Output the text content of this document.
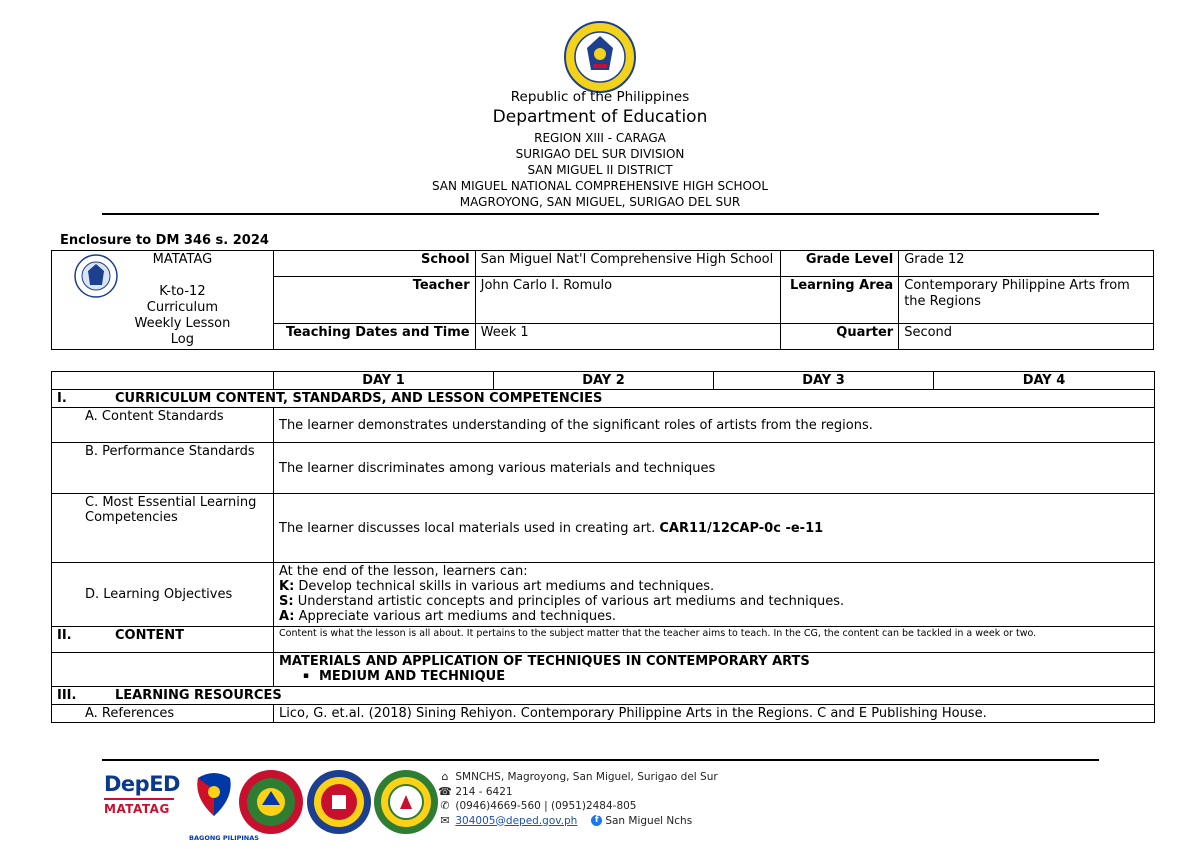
Republic of the Philippines
Department of Education
REGION XIII - CARAGA
SURIGAO DEL SUR DIVISION
SAN MIGUEL II DISTRICT
SAN MIGUEL NATIONAL COMPREHENSIVE HIGH SCHOOL
MAGROYONG, SAN MIGUEL, SURIGAO DEL SUR
Enclosure to DM 346 s. 2024
MATATAG
K-to-12
Curriculum
Weekly Lesson
Log	School	San Miguel Nat'l Comprehensive High School	Grade Level	Grade 12
	Teacher	John Carlo I. Romulo	Learning Area	Contemporary Philippine Arts from the Regions
	Teaching Dates and Time	Week 1	Quarter	Second
	DAY 1	DAY 2	DAY 3	DAY 4
I. CURRICULUM CONTENT, STANDARDS, AND LESSON COMPETENCIES				
A. Content Standards	The learner demonstrates understanding of the significant roles of artists from the regions.			
B. Performance Standards	The learner discriminates among various materials and techniques			
C. Most Essential Learning Competencies	The learner discusses local materials used in creating art. CAR11/12CAP-0c -e-11			
D. Learning Objectives	At the end of the lesson, learners can:
K: Develop technical skills in various art mediums and techniques.
S: Understand artistic concepts and principles of various art mediums and techniques.
A: Appreciate various art mediums and techniques.			

II. CONTENT	Content is what the lesson is all about. It pertains to the subject matter that the teacher aims to teach. In the CG, the content can be tackled in a week or two.			

	MATERIALS AND APPLICATION OF TECHNIQUES IN CONTEMPORARY ARTS
▪ MEDIUM AND TECHNIQUE			

III. LEARNING RESOURCES				
A. References	Lico, G. et.al. (2018) Sining Rehiyon. Contemporary Philippine Arts in the Regions. C and E Publishing House.			
DepED
MATATAG
BAGONG PILIPINAS
⌂ SMNCHS, Magroyong, San Miguel, Surigao del Sur
☎ 214 - 6421
✆ (0946)4669-560 | (0951)2484-805
✉ 304005@deped.gov.ph f San Miguel Nchs
